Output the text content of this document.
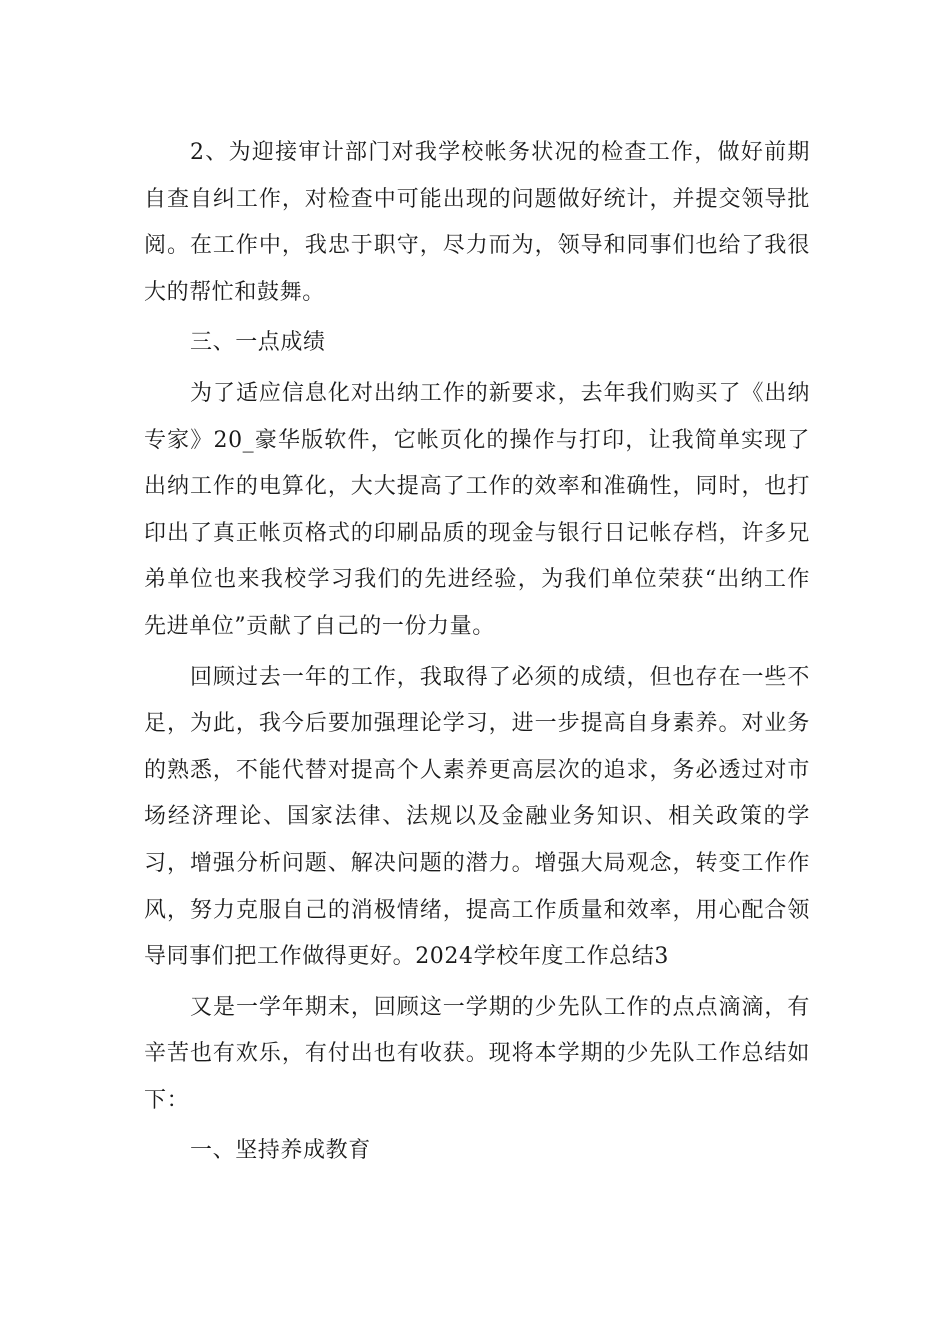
2、为迎接审计部门对我学校帐务状况的检查工作，做好前期自查自纠工作，对检查中可能出现的问题做好统计，并提交领导批阅。在工作中，我忠于职守，尽力而为，领导和同事们也给了我很大的帮忙和鼓舞。

三、一点成绩

为了适应信息化对出纳工作的新要求，去年我们购买了《出纳专家》20_豪华版软件，它帐页化的操作与打印，让我简单实现了出纳工作的电算化，大大提高了工作的效率和准确性，同时，也打印出了真正帐页格式的印刷品质的现金与银行日记帐存档，许多兄弟单位也来我校学习我们的先进经验，为我们单位荣获“出纳工作先进单位”贡献了自己的一份力量。

回顾过去一年的工作，我取得了必须的成绩，但也存在一些不足，为此，我今后要加强理论学习，进一步提高自身素养。对业务的熟悉，不能代替对提高个人素养更高层次的追求，务必透过对市场经济理论、国家法律、法规以及金融业务知识、相关政策的学习，增强分析问题、解决问题的潜力。增强大局观念，转变工作作风，努力克服自己的消极情绪，提高工作质量和效率，用心配合领导同事们把工作做得更好。2024学校年度工作总结3

又是一学年期末，回顾这一学期的少先队工作的点点滴滴，有辛苦也有欢乐，有付出也有收获。现将本学期的少先队工作总结如下：

一、坚持养成教育
